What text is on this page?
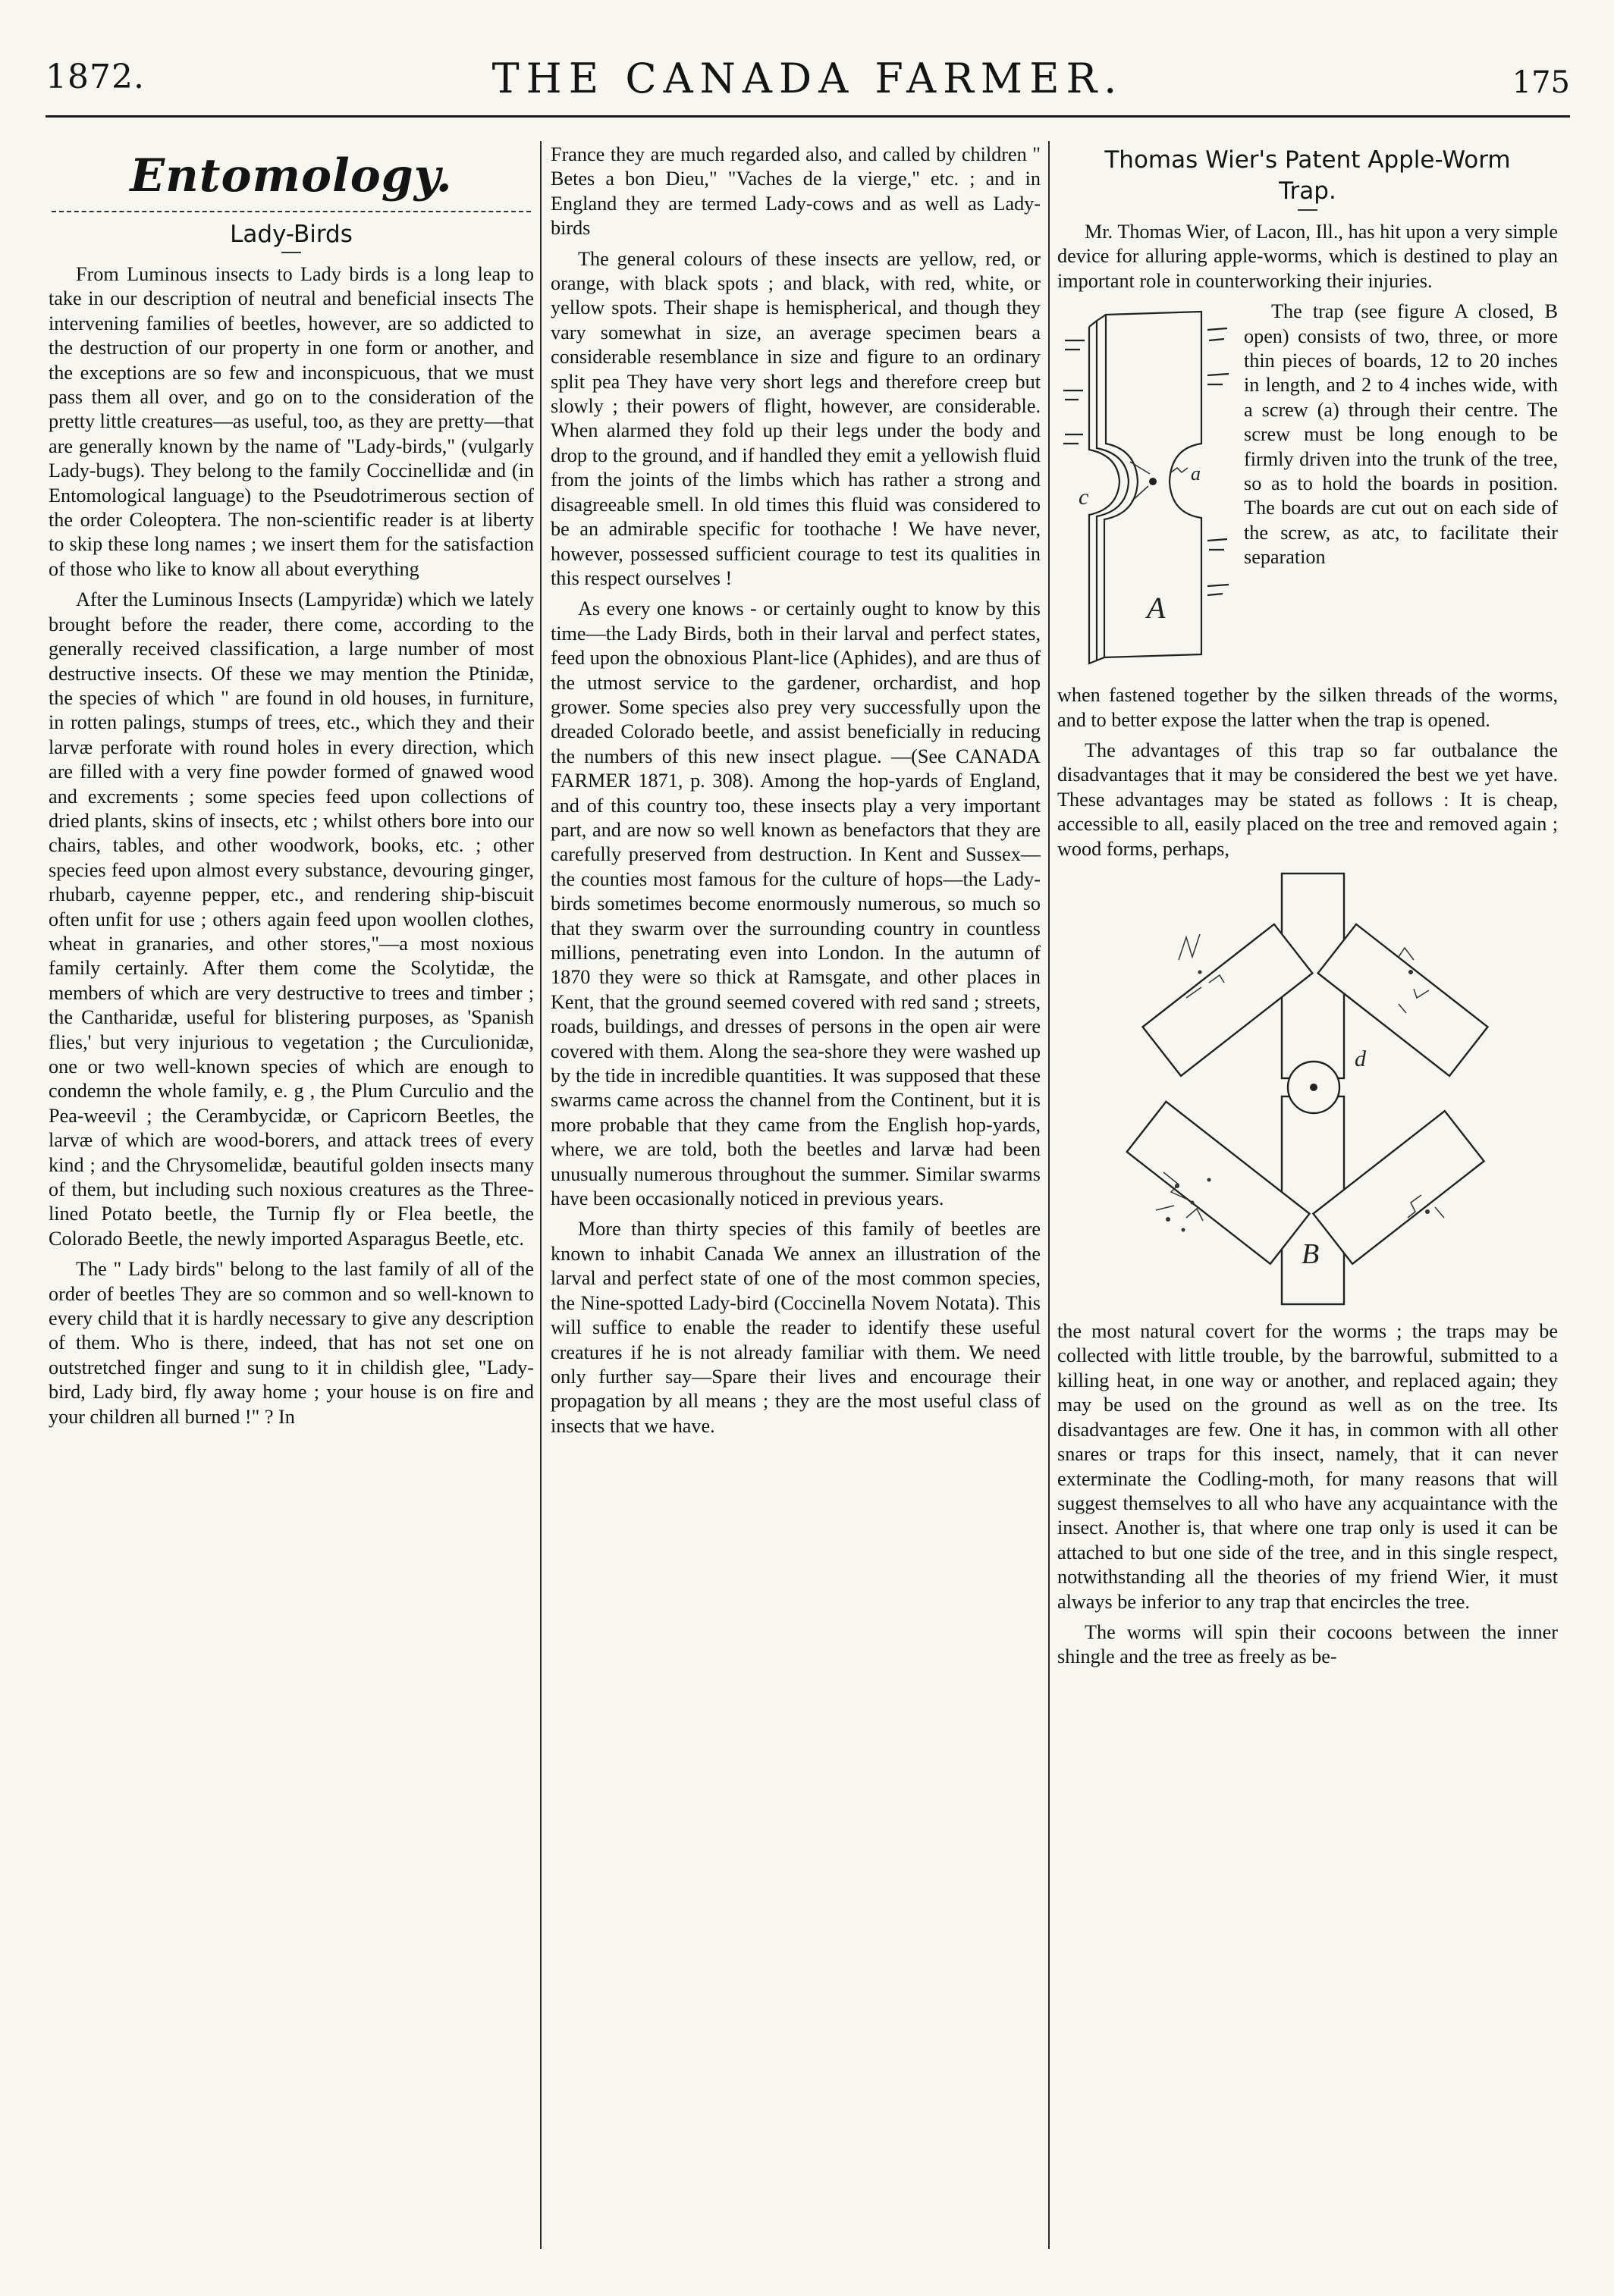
1872.	THE CANADA FARMER.	175
Entomology.
Lady-Birds

From Luminous insects to Lady birds is a long leap to take in our description of neutral and beneficial insects The intervening families of beetles, however, are so addicted to the destruction of our property in one form or another, and the exceptions are so few and inconspicuous, that we must pass them all over, and go on to the consideration of the pretty little creatures—as useful, too, as they are pretty—that are generally known by the name of "Lady-birds," (vulgarly Lady-bugs). They belong to the family Coccinellidæ and (in Entomological language) to the Pseudotrimerous section of the order Coleoptera. The non-scientific reader is at liberty to skip these long names ; we insert them for the satisfaction of those who like to know all about everything

After the Luminous Insects (Lampyridæ) which we lately brought before the reader, there come, according to the generally received classification, a large number of most destructive insects. Of these we may mention the Ptinidæ, the species of which " are found in old houses, in furniture, in rotten palings, stumps of trees, etc., which they and their larvæ perforate with round holes in every direction, which are filled with a very fine powder formed of gnawed wood and excrements ; some species feed upon collections of dried plants, skins of insects, etc ; whilst others bore into our chairs, tables, and other woodwork, books, etc. ; other species feed upon almost every substance, devouring ginger, rhubarb, cayenne pepper, etc., and rendering ship-biscuit often unfit for use ; others again feed upon woollen clothes, wheat in granaries, and other stores,"—a most noxious family certainly. After them come the Scolytidæ, the members of which are very destructive to trees and timber ; the Cantharidæ, useful for blistering purposes, as 'Spanish flies,' but very injurious to vegetation ; the Curculionidæ, one or two well-known species of which are enough to condemn the whole family, e. g , the Plum Curculio and the Pea-weevil ; the Cerambycidæ, or Capricorn Beetles, the larvæ of which are wood-borers, and attack trees of every kind ; and the Chrysomelidæ, beautiful golden insects many of them, but including such noxious creatures as the Three-lined Potato beetle, the Turnip fly or Flea beetle, the Colorado Beetle, the newly imported Asparagus Beetle, etc.

The " Lady birds" belong to the last family of all of the order of beetles They are so common and so well-known to every child that it is hardly necessary to give any description of them. Who is there, indeed, that has not set one on outstretched finger and sung to it in childish glee, "Lady-bird, Lady bird, fly away home ; your house is on fire and your children all burned !" ? In

France they are much regarded also, and called by children " Betes a bon Dieu," "Vaches de la vierge," etc. ; and in England they are termed Lady-cows and as well as Lady-birds

The general colours of these insects are yellow, red, or orange, with black spots ; and black, with red, white, or yellow spots. Their shape is hemispherical, and though they vary somewhat in size, an average specimen bears a considerable resemblance in size and figure to an ordinary split pea They have very short legs and therefore creep but slowly ; their powers of flight, however, are considerable. When alarmed they fold up their legs under the body and drop to the ground, and if handled they emit a yellowish fluid from the joints of the limbs which has rather a strong and disagreeable smell. In old times this fluid was considered to be an admirable specific for toothache ! We have never, however, possessed sufficient courage to test its qualities in this respect ourselves !

As every one knows - or certainly ought to know by this time—the Lady Birds, both in their larval and perfect states, feed upon the obnoxious Plant-lice (Aphides), and are thus of the utmost service to the gardener, orchardist, and hop grower. Some species also prey very successfully upon the dreaded Colorado beetle, and assist beneficially in reducing the numbers of this new insect plague. —(See CANADA FARMER 1871, p. 308). Among the hop-yards of England, and of this country too, these insects play a very important part, and are now so well known as benefactors that they are carefully preserved from destruction. In Kent and Sussex—the counties most famous for the culture of hops—the Lady-birds sometimes become enormously numerous, so much so that they swarm over the surrounding country in countless millions, penetrating even into London. In the autumn of 1870 they were so thick at Ramsgate, and other places in Kent, that the ground seemed covered with red sand ; streets, roads, buildings, and dresses of persons in the open air were covered with them. Along the sea-shore they were washed up by the tide in incredible quantities. It was supposed that these swarms came across the channel from the Continent, but it is more probable that they came from the English hop-yards, where, we are told, both the beetles and larvæ had been unusually numerous throughout the summer. Similar swarms have been occasionally noticed in previous years.

More than thirty species of this family of beetles are known to inhabit Canada We annex an illustration of the larval and perfect state of one of the most common species, the Nine-spotted Lady-bird (Coccinella Novem Notata). This will suffice to enable the reader to identify these useful creatures if he is not already familiar with them. We need only further say—Spare their lives and encourage their propagation by all means ; they are the most useful class of insects that we have.

Thomas Wier's Patent Apple-Worm
Trap.

Mr. Thomas Wier, of Lacon, Ill., has hit upon a very simple device for alluring apple-worms, which is destined to play an important role in counterworking their injuries.

A
c
a

The trap (see figure A closed, B open) consists of two, three, or more thin pieces of boards, 12 to 20 inches in length, and 2 to 4 inches wide, with a screw (a) through their centre. The screw must be long enough to be firmly driven into the trunk of the tree, so as to hold the boards in position. The boards are cut out on each side of the screw, as atc, to facilitate their separation

when fastened together by the silken threads of the worms, and to better expose the latter when the trap is opened.

The advantages of this trap so far outbalance the disadvantages that it may be considered the best we yet have. These advantages may be stated as follows : It is cheap, accessible to all, easily placed on the tree and removed again ; wood forms, perhaps,

d
B

the most natural covert for the worms ; the traps may be collected with little trouble, by the barrowful, submitted to a killing heat, in one way or another, and replaced again; they may be used on the ground as well as on the tree. Its disadvantages are few. One it has, in common with all other snares or traps for this insect, namely, that it can never exterminate the Codling-moth, for many reasons that will suggest themselves to all who have any acquaintance with the insect. Another is, that where one trap only is used it can be attached to but one side of the tree, and in this single respect, notwithstanding all the theories of my friend Wier, it must always be inferior to any trap that encircles the tree.

The worms will spin their cocoons between the inner shingle and the tree as freely as be-
